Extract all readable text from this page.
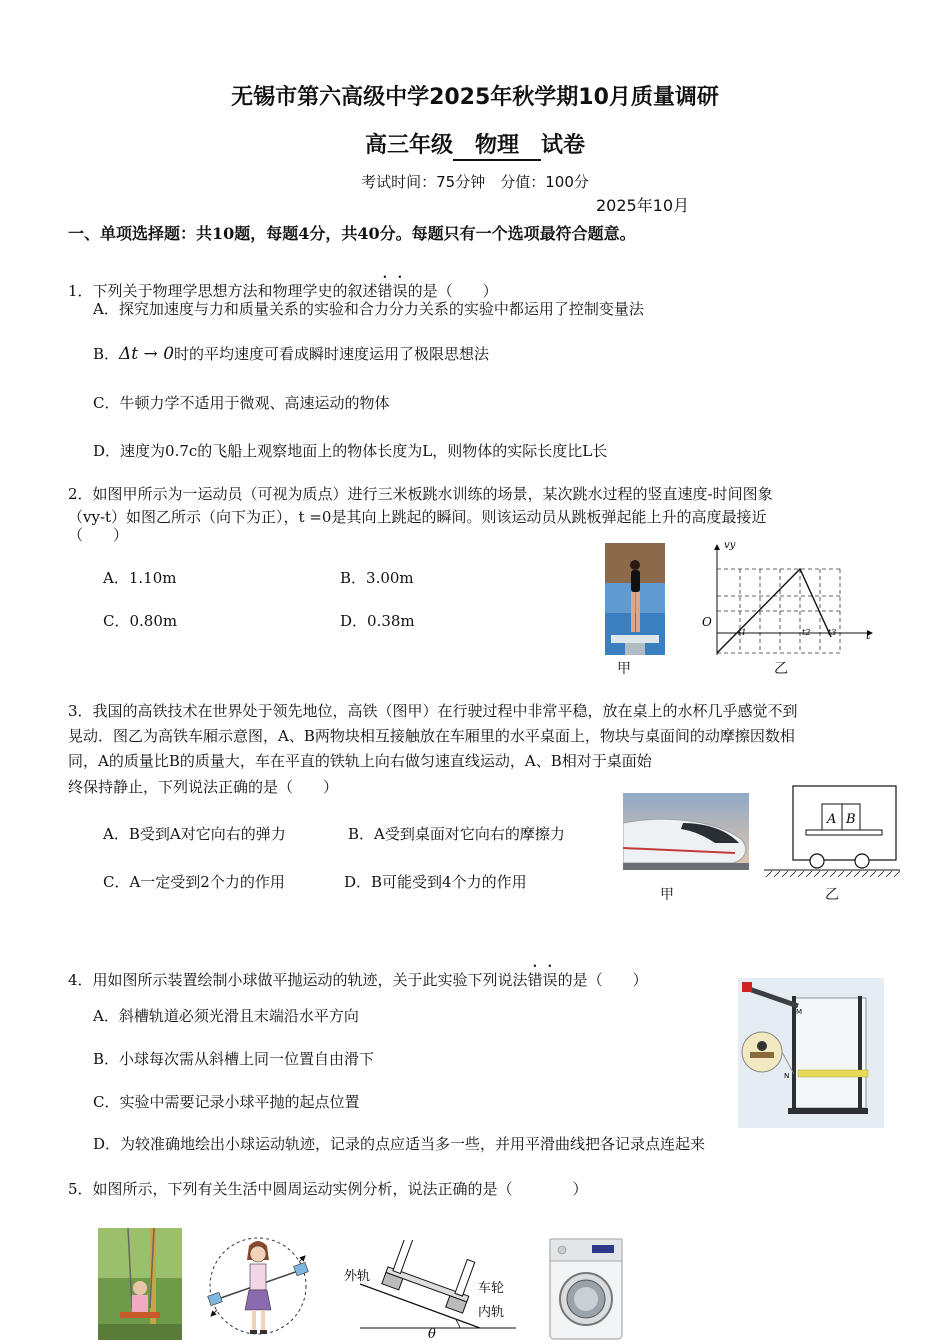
无锡市第六高级中学2025年秋学期10月质量调研
高三年级 物理 试卷
考试时间：75分钟　分值：100分
2025年10月
一、单项选择题：共10题，每题4分，共40分。每题只有一个选项最符合题意。
1．下列关于物理学思想方法和物理学史的叙述错误的是（　　）
A．探究加速度与力和质量关系的实验和合力分力关系的实验中都运用了控制变量法
B．Δt → 0时的平均速度可看成瞬时速度运用了极限思想法
C．牛顿力学不适用于微观、高速运动的物体
D．速度为0.7c的飞船上观察地面上的物体长度为L，则物体的实际长度比L长
2．如图甲所示为一运动员（可视为质点）进行三米板跳水训练的场景，某次跳水过程的竖直速度-时间图象
（vy-t）如图乙所示（向下为正），t =0是其向上跳起的瞬间。则该运动员从跳板弹起能上升的高度最接近
（　　）
A．1.10m	B．3.00m
C．0.80m	D．0.38m
甲
vy
t
O
t1	t2 t3
乙
3．我国的高铁技术在世界处于领先地位，高铁（图甲）在行驶过程中非常平稳，放在桌上的水杯几乎感觉不到
晃动．图乙为高铁车厢示意图，A、B两物块相互接触放在车厢里的水平桌面上，物块与桌面间的动摩擦因数相
同，A的质量比B的质量大，车在平直的铁轨上向右做匀速直线运动，A、B相对于桌面始
终保持静止，下列说法正确的是（　　）
A．B受到A对它向右的弹力	B．A受到桌面对它向右的摩擦力
C．A一定受到2个力的作用	D．B可能受到4个力的作用
甲
A B
乙
4．用如图所示装置绘制小球做平抛运动的轨迹，关于此实验下列说法错误的是（　　）
A．斜槽轨道必须光滑且末端沿水平方向
B．小球每次需从斜槽上同一位置自由滑下
C．实验中需要记录小球平抛的起点位置
D．为较准确地绘出小球运动轨迹，记录的点应适当多一些，并用平滑曲线把各记录点连起来
M
N
5．如图所示，下列有关生活中圆周运动实例分析，说法正确的是（　　　　）
外轨
车轮
内轨
θ
